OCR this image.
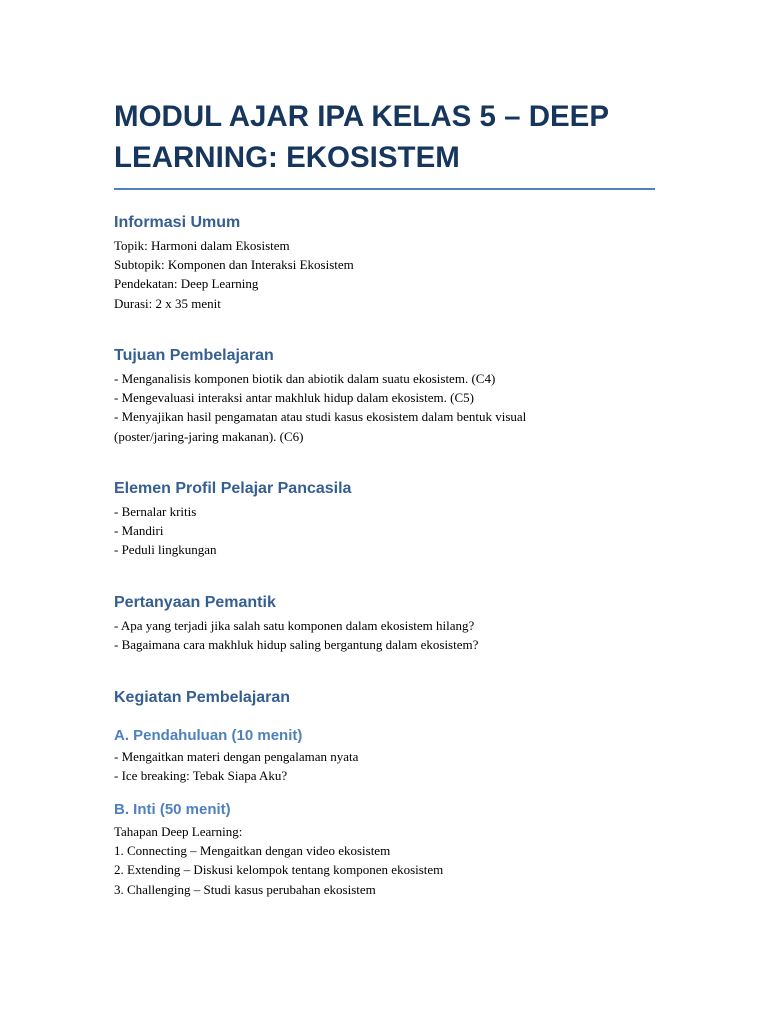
MODUL AJAR IPA KELAS 5 – DEEP LEARNING: EKOSISTEM
Informasi Umum

Topik: Harmoni dalam Ekosistem

Subtopik: Komponen dan Interaksi Ekosistem

Pendekatan: Deep Learning

Durasi: 2 x 35 menit

Tujuan Pembelajaran

- Menganalisis komponen biotik dan abiotik dalam suatu ekosistem. (C4)

- Mengevaluasi interaksi antar makhluk hidup dalam ekosistem. (C5)

- Menyajikan hasil pengamatan atau studi kasus ekosistem dalam bentuk visual

(poster/jaring-jaring makanan). (C6)

Elemen Profil Pelajar Pancasila

- Bernalar kritis

- Mandiri

- Peduli lingkungan

Pertanyaan Pemantik

- Apa yang terjadi jika salah satu komponen dalam ekosistem hilang?

- Bagaimana cara makhluk hidup saling bergantung dalam ekosistem?

Kegiatan Pembelajaran
A. Pendahuluan (10 menit)

- Mengaitkan materi dengan pengalaman nyata

- Ice breaking: Tebak Siapa Aku?

B. Inti (50 menit)

Tahapan Deep Learning:

1. Connecting – Mengaitkan dengan video ekosistem

2. Extending – Diskusi kelompok tentang komponen ekosistem

3. Challenging – Studi kasus perubahan ekosistem
